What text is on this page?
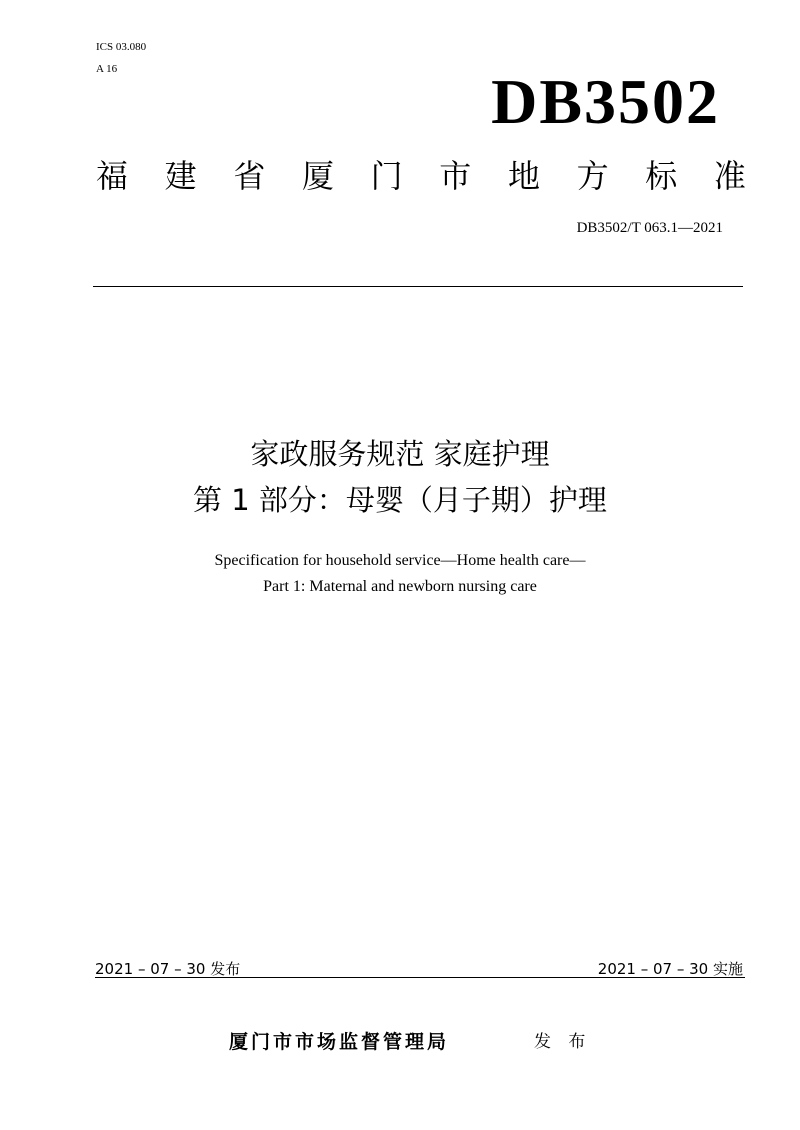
ICS 03.080
A 16	DB3502
福 建 省 厦 门 市 地 方 标 准
DB3502/T 063.1—2021
家政服务规范 家庭护理
第 1 部分：母婴（月子期）护理
Specification for household service—Home health care—
Part 1: Maternal and newborn nursing care
2021 – 07 – 30 发布	2021 – 07 – 30 实施
厦门市市场监督管理局	发 布
